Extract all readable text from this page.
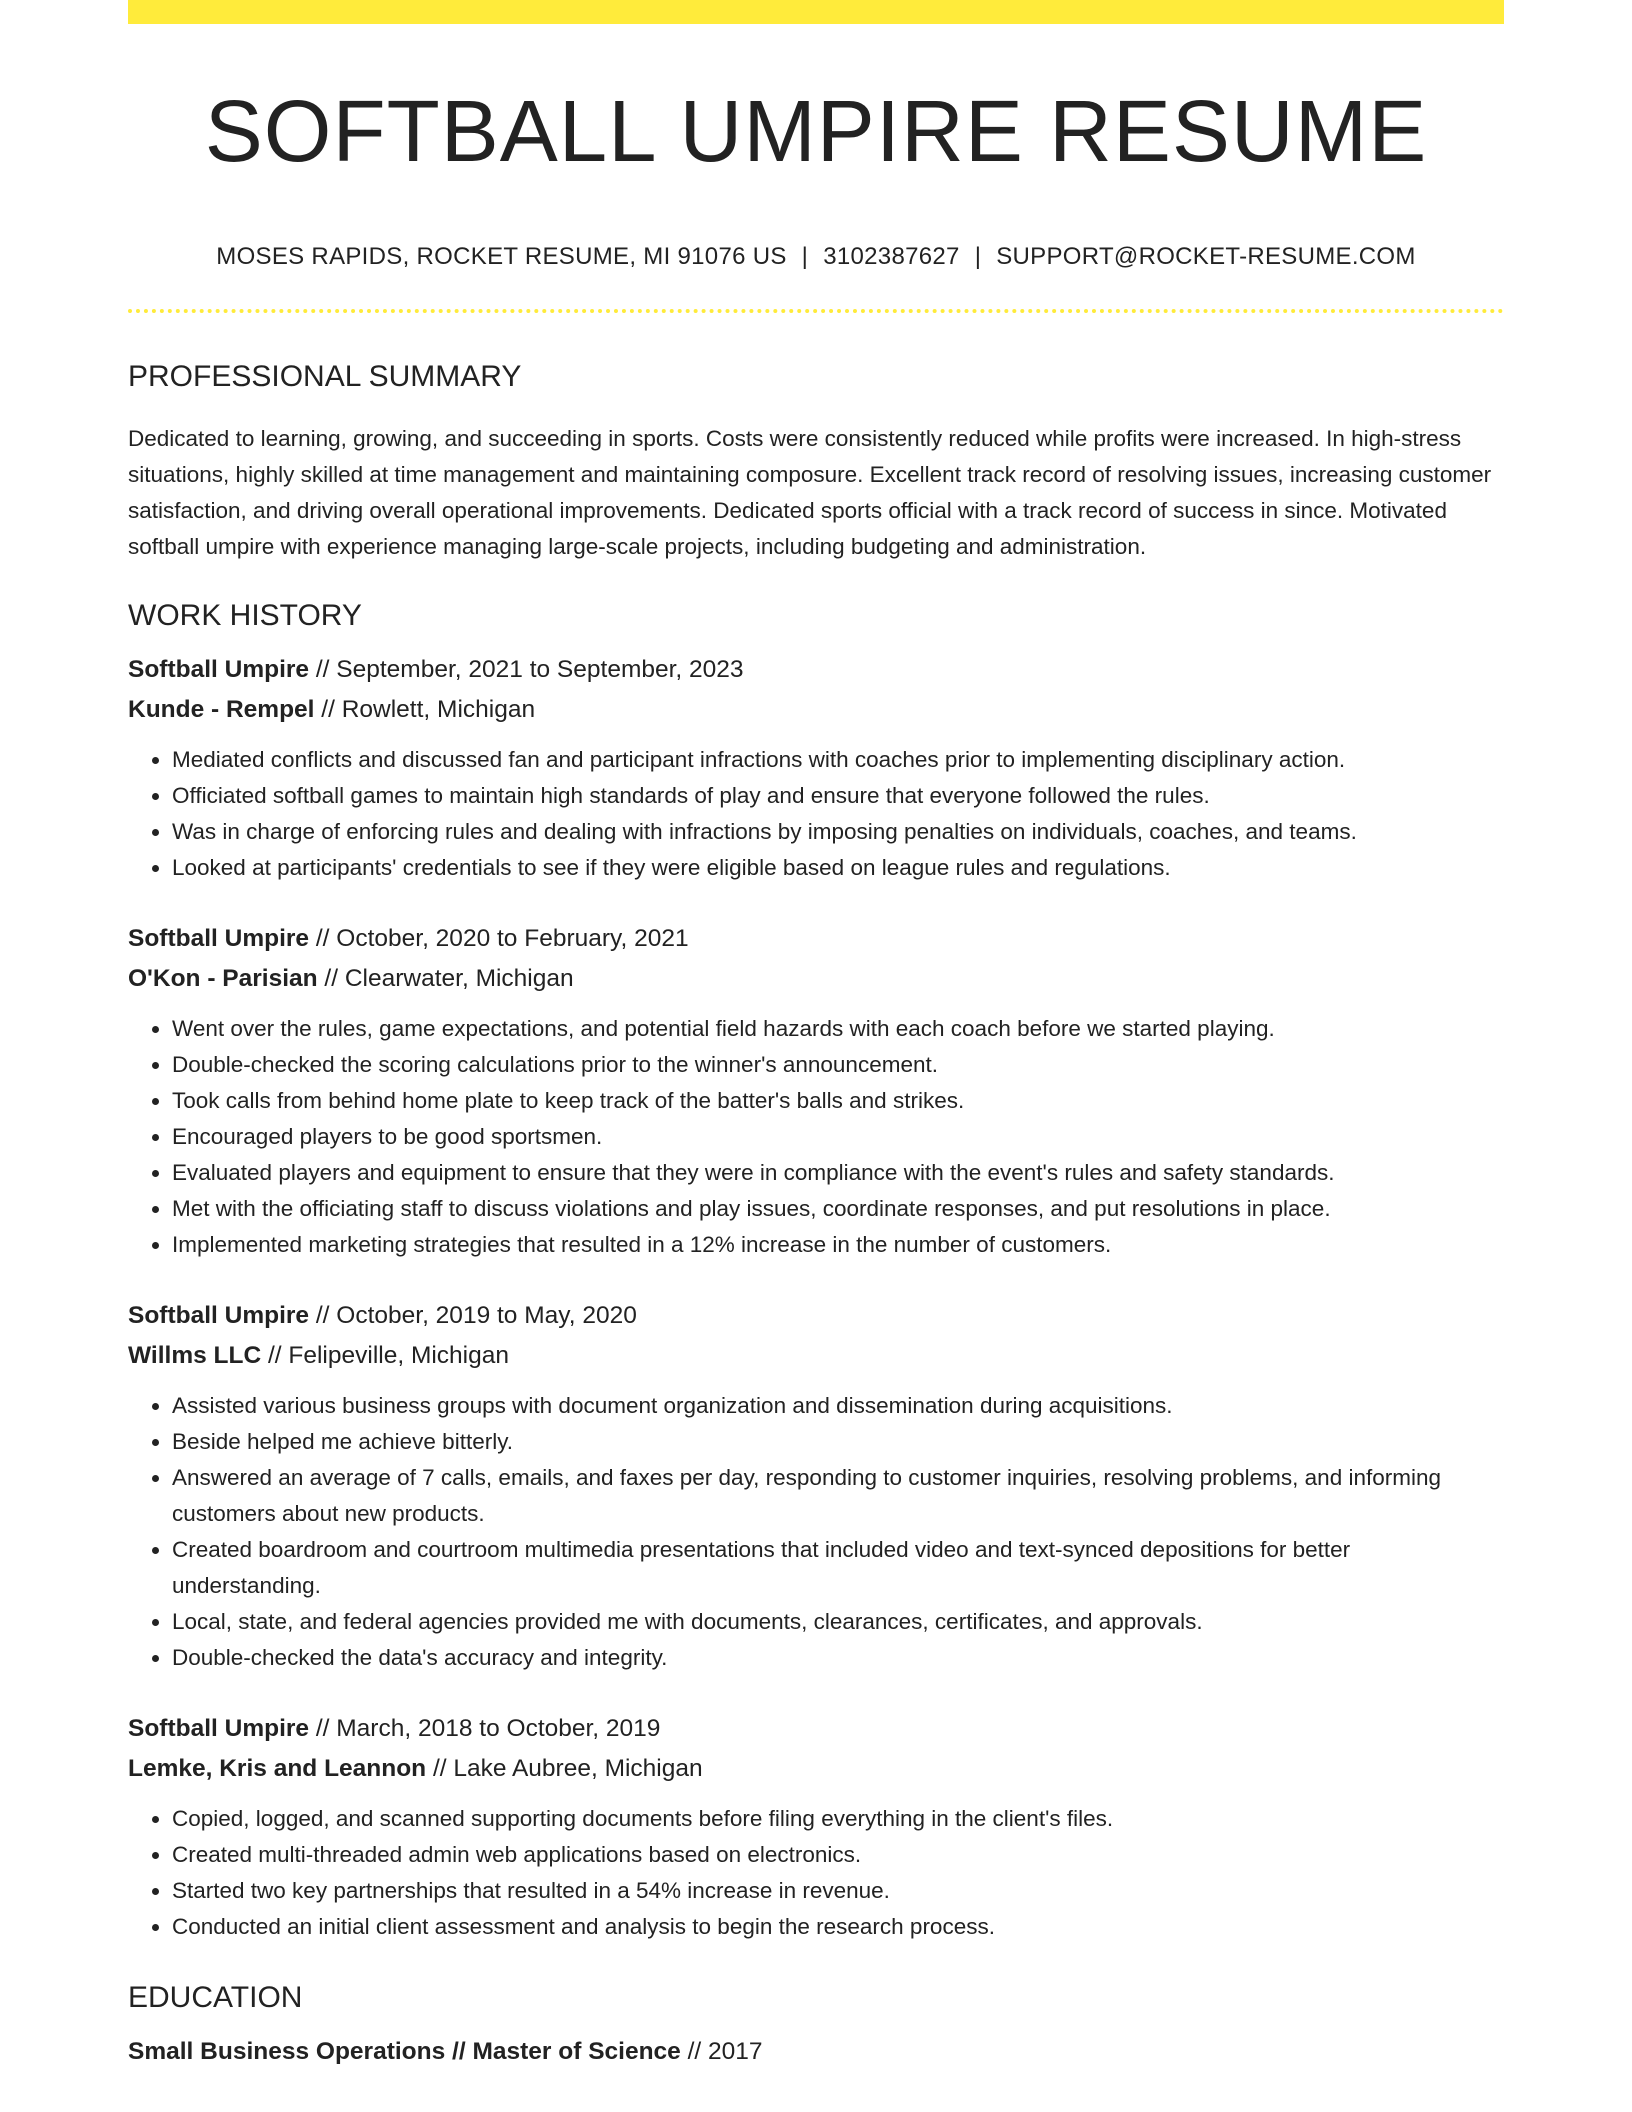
SOFTBALL UMPIRE RESUME
MOSES RAPIDS, ROCKET RESUME, MI 91076 US | 3102387627 | SUPPORT@ROCKET-RESUME.COM
PROFESSIONAL SUMMARY
Dedicated to learning, growing, and succeeding in sports. Costs were consistently reduced while profits were increased. In high-stress situations, highly skilled at time management and maintaining composure. Excellent track record of resolving issues, increasing customer satisfaction, and driving overall operational improvements. Dedicated sports official with a track record of success in since. Motivated softball umpire with experience managing large-scale projects, including budgeting and administration.
WORK HISTORY
Softball Umpire // September, 2021 to September, 2023
Kunde - Rempel // Rowlett, Michigan
• Mediated conflicts and discussed fan and participant infractions with coaches prior to implementing disciplinary action.
• Officiated softball games to maintain high standards of play and ensure that everyone followed the rules.
• Was in charge of enforcing rules and dealing with infractions by imposing penalties on individuals, coaches, and teams.
• Looked at participants' credentials to see if they were eligible based on league rules and regulations.
Softball Umpire // October, 2020 to February, 2021
O'Kon - Parisian // Clearwater, Michigan
• Went over the rules, game expectations, and potential field hazards with each coach before we started playing.
• Double-checked the scoring calculations prior to the winner's announcement.
• Took calls from behind home plate to keep track of the batter's balls and strikes.
• Encouraged players to be good sportsmen.
• Evaluated players and equipment to ensure that they were in compliance with the event's rules and safety standards.
• Met with the officiating staff to discuss violations and play issues, coordinate responses, and put resolutions in place.
• Implemented marketing strategies that resulted in a 12% increase in the number of customers.
Softball Umpire // October, 2019 to May, 2020
Willms LLC // Felipeville, Michigan
• Assisted various business groups with document organization and dissemination during acquisitions.
• Beside helped me achieve bitterly.
• Answered an average of 7 calls, emails, and faxes per day, responding to customer inquiries, resolving problems, and informing customers about new products.
• Created boardroom and courtroom multimedia presentations that included video and text-synced depositions for better understanding.
• Local, state, and federal agencies provided me with documents, clearances, certificates, and approvals.
• Double-checked the data's accuracy and integrity.
Softball Umpire // March, 2018 to October, 2019
Lemke, Kris and Leannon // Lake Aubree, Michigan
• Copied, logged, and scanned supporting documents before filing everything in the client's files.
• Created multi-threaded admin web applications based on electronics.
• Started two key partnerships that resulted in a 54% increase in revenue.
• Conducted an initial client assessment and analysis to begin the research process.
EDUCATION
Small Business Operations // Master of Science // 2017
